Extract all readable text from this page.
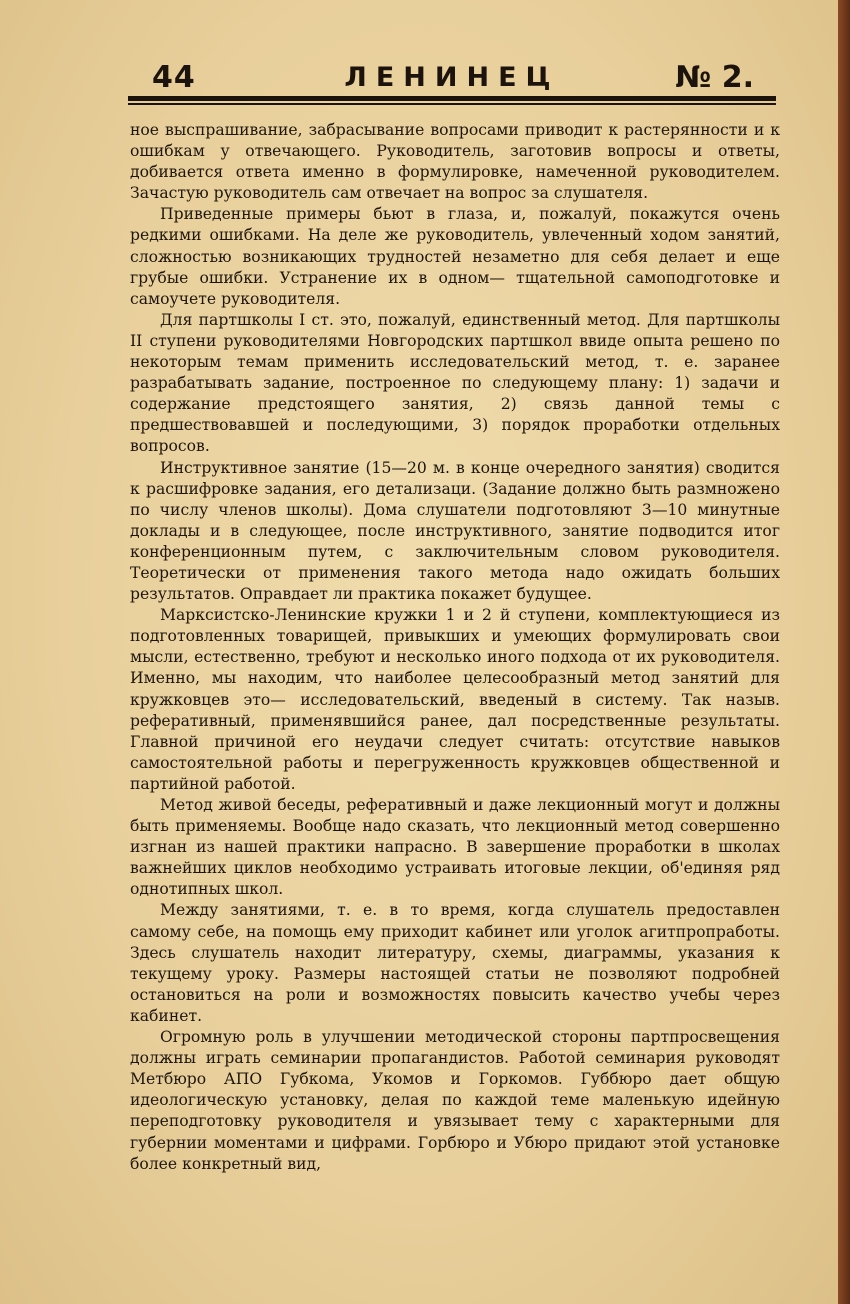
44	ЛЕНИНЕЦ	№ 2.

ное выспрашивание, забрасывание вопросами приводит к растерянности и к ошибкам у отвечающего. Руководитель, заготовив вопросы и ответы, добивается ответа именно в формулировке, намеченной руководителем. Зачастую руководитель сам отвечает на вопрос за слушателя.

Приведенные примеры бьют в глаза, и, пожалуй, покажутся очень редкими ошибками. На деле же руководитель, увлеченный ходом занятий, сложностью возникающих трудностей незаметно для себя делает и еще грубые ошибки. Устранение их в одном— тщательной самоподготовке и самоучете руководителя.

Для партшколы I ст. это, пожалуй, единственный метод. Для партшколы II ступени руководителями Новгородских партшкол ввиде опыта решено по некоторым темам применить исследовательский метод, т. е. заранее разрабатывать задание, построенное по следующему плану: 1) задачи и содержание предстоящего занятия, 2) связь данной темы с предшествовавшей и последующими, 3) порядок проработки отдельных вопросов.

Инструктивное занятие (15—20 м. в конце очередного занятия) сводится к расшифровке задания, его детализаци. (Задание должно быть размножено по числу членов школы). Дома слушатели подготовляют 3—10 минутные доклады и в следующее, после инструктивного, занятие подводится итог конференционным путем, с заключительным словом руководителя. Теоретически от применения такого метода надо ожидать больших результатов. Оправдает ли практика покажет будущее.

Марксистско-Ленинские кружки 1 и 2 й ступени, комплектующиеся из подготовленных товарищей, привыкших и умеющих формулировать свои мысли, естественно, требуют и несколько иного подхода от их руководителя. Именно, мы находим, что наиболее целесообразный метод занятий для кружковцев это— исследовательский, введеный в систему. Так назыв. реферативный, применявшийся ранее, дал посредственные результаты. Главной причиной его неудачи следует считать: отсутствие навыков самостоятельной работы и перегруженность кружковцев общественной и партийной работой.

Метод живой беседы, реферативный и даже лекционный могут и должны быть применяемы. Вообще надо сказать, что лекционный метод совершенно изгнан из нашей практики напрасно. В завершение проработки в школах важнейших циклов необходимо устраивать итоговые лекции, об'единяя ряд однотипных школ.

Между занятиями, т. е. в то время, когда слушатель предоставлен самому себе, на помощь ему приходит кабинет или уголок агитпропработы. Здесь слушатель находит литературу, схемы, диаграммы, указания к текущему уроку. Размеры настоящей статьи не позволяют подробней остановиться на роли и возможностях повысить качество учебы через кабинет.

Огромную роль в улучшении методической стороны партпросвещения должны играть семинарии пропагандистов. Работой семинария руководят Метбюро АПО Губкома, Укомов и Горкомов. Губбюро дает общую идеологическую установку, делая по каждой теме маленькую идейную переподготовку руководителя и увязывает тему с характерными для губернии моментами и цифрами. Горбюро и Убюро придают этой установке более конкретный вид,
